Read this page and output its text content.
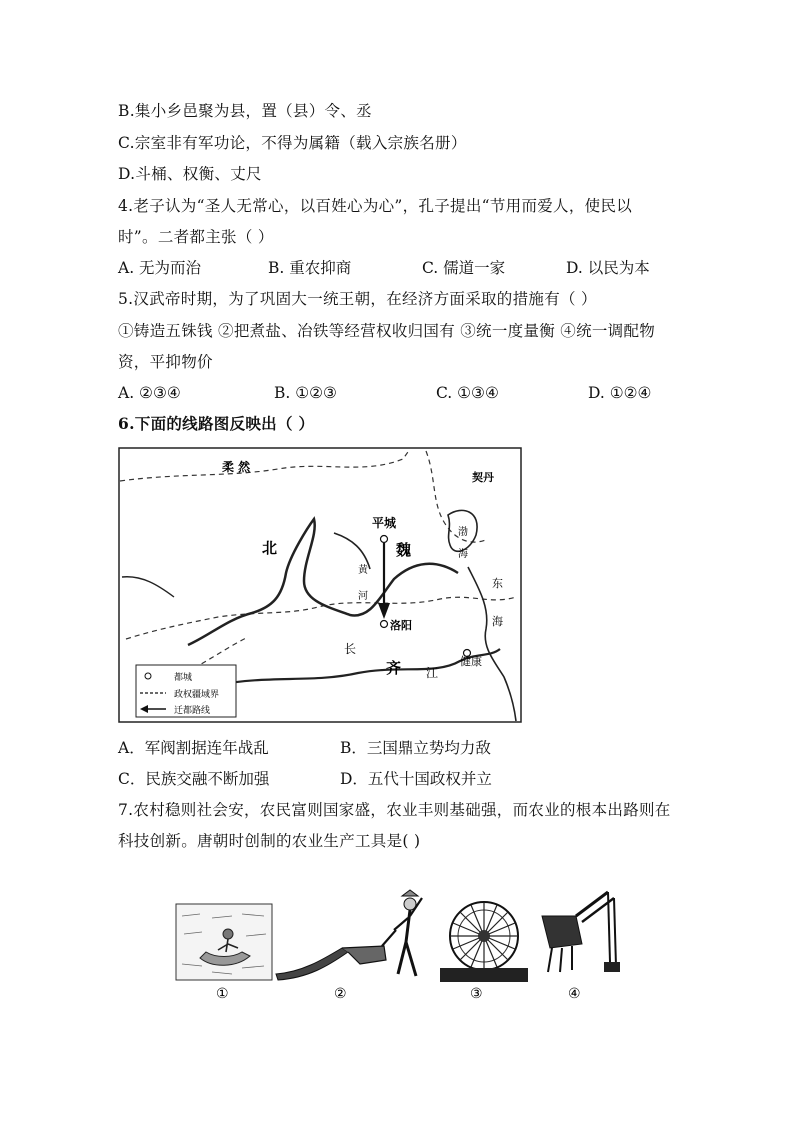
B.集小乡邑聚为县，置（县）令、丞
C.宗室非有军功论，不得为属籍（载入宗族名册）
D.斗桶、权衡、丈尺
4.老子认为“圣人无常心，以百姓心为心”，孔子提出“节用而爱人，使民以
时”。二者都主张（ ）
A. 无为而治	B. 重农抑商	C. 儒道一家	D. 以民为本
5.汉武帝时期，为了巩固大一统王朝，在经济方面采取的措施有（ ）
①铸造五铢钱 ②把煮盐、冶铁等经营权收归国有 ③统一度量衡 ④统一调配物
资，平抑物价
A. ②③④	B. ①②③	C. ①③④	D. ①②④
6.下面的线路图反映出（ ）
柔 然
契丹
北	魏
平城
洛阳
黄
河
渤
海
东
海
长
齐 江
健康
都城
政权疆域界
迁都路线
A．军阀割据连年战乱	B．三国鼎立势均力敌
C．民族交融不断加强	D．五代十国政权并立
7.农村稳则社会安，农民富则国家盛，农业丰则基础强，而农业的根本出路则在
科技创新。唐朝时创制的农业生产工具是( )
①	②	③	④
